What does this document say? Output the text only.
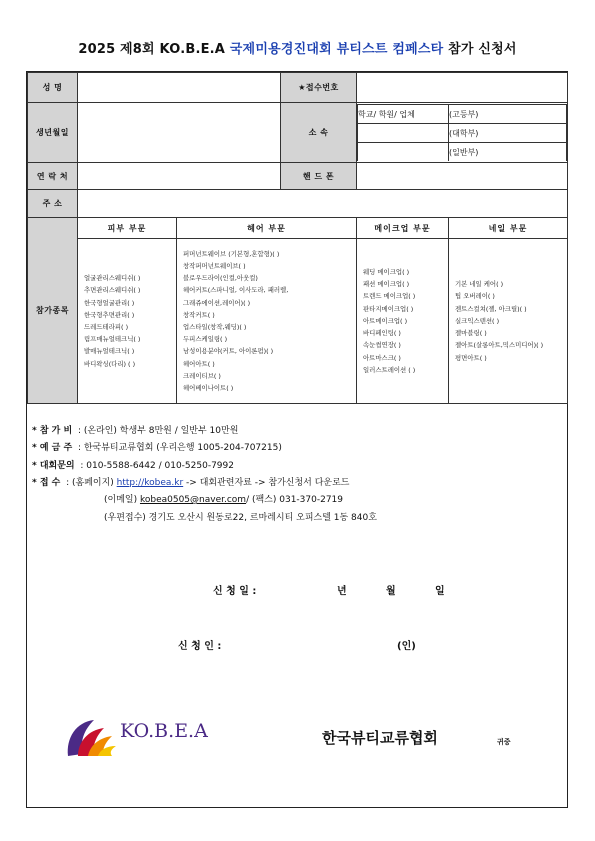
2025 제8회 KO.B.E.A 국제미용경진대회 뷰티스트 컴페스타 참가 신청서
성 명		★접수번호	
생년월일		소 속	
학교/ 학원/ 업체	(고등부)
	(대학부)
	(일반부)

연 락 처		핸 드 폰	
주 소	
참가종목	피부 부문	헤어 부문	메이크업 부문	네일 부문

얼굴관리스웨디쉬( )
추면관리스웨디쉬( )
한국형얼굴관리( )
한국형추면관리( )
드레드테라피( )
림프매뉴얼테크닉( )
발매뉴얼테크닉( )
바디왁싱(다리) ( )

퍼머넌트웨이브 (기본형,혼합형)( )
창작퍼머넌트웨이브( )
블로우드라이(인컬,아웃컬)
헤어커트(스파니얼, 이사도라, 패러렐,
그래쥬에이션,레이어)( )
창작커트( )
업스타일(창작,웨딩)( )
두피스케일링( )
남성이용분야(커트, 아이론펌)( )
헤어아트( )
크레이티브( )
헤어베이나이트( )

웨딩 메이크업( )
패션 메이크업( )
트렌드 메이크업( )
판타지메이크업( )
아트메이크업( )
바디페인팅( )
속눈썹연장( )
아트마스크( )
일러스트레이션 ( )

기본 네일 케어( )
팁 오버레이( )
젠트스컬쳐(젤, 아크릴)( )
실크익스텐션( )
젤마블링( )
젤아트(살롱아트,믹스미디어)( )
평면아트( )
* 참 가 비 : (온라인) 학생부 8만원 / 일반부 10만원
* 예 금 주 : 한국뷰티교류협회 (우리은행 1005-204-707215)
* 대회문의 : 010-5588-6442 / 010-5250-7992
* 접 수 : (홈페이지) http://kobea.kr -> 대회관련자료 -> 참가신청서 다운로드
(이메일) kobea0505@naver.com/ (팩스) 031-370-2719
(우편접수) 경기도 오산시 원동로22, 르마레시티 오피스텔 1동 840호
신 청 일 :	년	월	일
신 청 인 :	(인)
KO.B.E.A	한국뷰티교류협회	귀중
